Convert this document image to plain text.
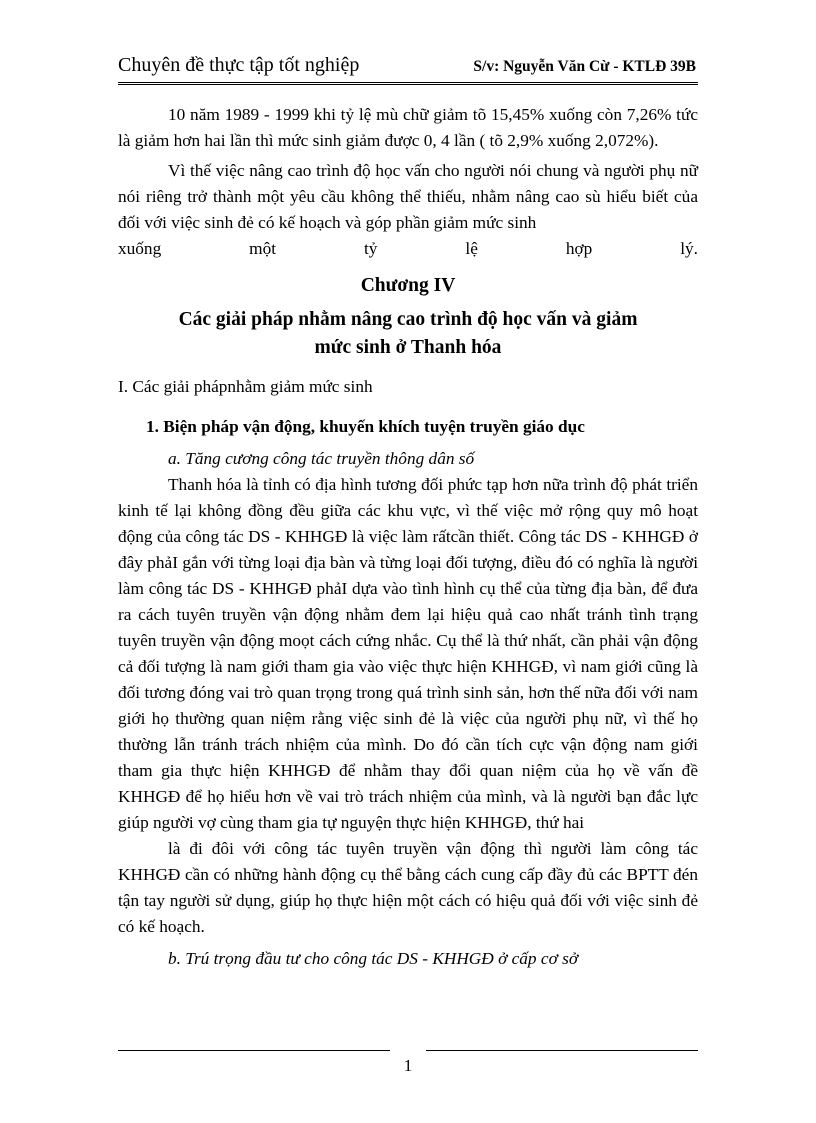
Chuyên đề thực tập tốt nghiệp	S/v: Nguyễn Văn Cừ - KTLĐ 39B

10 năm 1989 - 1999 khi tỷ lệ mù chữ giảm tõ 15,45% xuống còn 7,26% tức là giảm hơn hai lần thì mức sinh giảm được 0, 4 lần ( tõ 2,9% xuống 2,072%).

Vì thế việc nâng cao trình độ học vấn cho người nói chung và người phụ nữ nói riêng trở thành một yêu cầu không thể thiếu, nhằm nâng cao sù hiểu biết của đối với việc sinh đẻ có kế hoạch và góp phần giảm mức sinh

xuống một tỷ lệ hợp lý.

Chương IV
Các giải pháp nhằm nâng cao trình độ học vấn và giảm
mức sinh ở Thanh hóa
I. Các giải phápnhằm giảm mức sinh
1. Biện pháp vận động, khuyến khích tuyện truyền giáo dục
a. Tăng cương công tác truyền thông dân số

Thanh hóa là tỉnh có địa hình tương đối phức tạp hơn nữa trình độ phát triển kinh tế lại không đồng đều giữa các khu vực, vì thế việc mở rộng quy mô hoạt động của công tác DS - KHHGĐ là việc làm rấtcần thiết. Công tác DS - KHHGĐ ở đây phảI gắn với từng loại địa bàn và từng loại đối tượng, điều đó có nghĩa là người làm công tác DS - KHHGĐ phảI dựa vào tình hình cụ thể của từng địa bàn, để đưa ra cách tuyên truyền vận động nhằm đem lại hiệu quả cao nhất tránh tình trạng tuyên truyền vận động moọt cách cứng nhắc. Cụ thể là thứ nhất, cần phải vận động cả đối tượng là nam giới tham gia vào việc thực hiện KHHGĐ, vì nam giới cũng là đối tương đóng vai trò quan trọng trong quá trình sinh sản, hơn thế nữa đối với nam giới họ thường quan niệm rằng việc sinh đẻ là việc của người phụ nữ, vì thế họ thường lẫn tránh trách nhiệm của mình. Do đó cần tích cực vận động nam giới tham gia thực hiện KHHGĐ để nhằm thay đổi quan niệm của họ về vấn đề KHHGĐ để họ hiểu hơn về vai trò trách nhiệm của mình, và là người bạn đắc lực giúp người vợ cùng tham gia tự nguyện thực hiện KHHGĐ, thứ hai

là đi đôi với công tác tuyên truyền vận động thì người làm công tác KHHGĐ cần có những hành động cụ thể bằng cách cung cấp đầy đủ các BPTT đén tận tay người sử dụng, giúp họ thực hiện một cách có hiệu quả đối với việc sinh đẻ có kế hoạch.

b. Trú trọng đầu tư cho công tác DS - KHHGĐ ở cấp cơ sở
1
